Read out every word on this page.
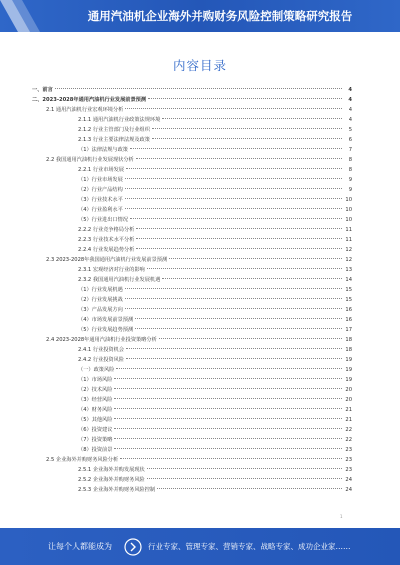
通用汽油机企业海外并购财务风险控制策略研究报告
内容目录
一、前言	4
二、2023-2028年通用汽油机行业发展前景预测	4
2.1 通用汽油机行业宏观环境分析	4
2.1.1 通用汽油机行业政策法规环境	4
2.1.2 行业主管部门及行业组织	5
2.1.3 行业主要法律法规及政策	6
（1）法律法规与政策	7
2.2 我国通用汽油机行业发展现状分析	8
2.2.1 行业市场发展	8
（1）行业市场发展	9
（2）行业产品结构	9
（3）行业技术水平	10
（4）行业盈利水平	10
（5）行业进出口情况	10
2.2.2 行业竞争格局分析	11
2.2.3 行业技术水平分析	11
2.2.4 行业发展趋势分析	12
2.3 2023-2028年我国通用汽油机行业发展前景预测	12
2.3.1 宏观经济对行业的影响	13
2.3.2 我国通用汽油机行业发展机遇	14
（1）行业发展机遇	15
（2）行业发展挑战	15
（3）产品发展方向	16
（4）市场发展前景预测	16
（5）行业发展趋势预测	17
2.4 2023-2028年通用汽油机行业投资策略分析	18
2.4.1 行业投资机会	18
2.4.2 行业投资风险	19
（一）政策风险	19
（1）市场风险	19
（2）技术风险	20
（3）经营风险	20
（4）财务风险	21
（5）其他风险	21
（6）投资建议	22
（7）投资策略	22
（8）投资前景	23
2.5 企业海外并购财务风险分析	23
2.5.1 企业海外并购发展现状	23
2.5.2 企业海外并购财务风险	24
2.5.3 企业海外并购财务风险控制	24
1
让每个人都能成为	行业专家、管理专家、营销专家、战略专家、成功企业家……
